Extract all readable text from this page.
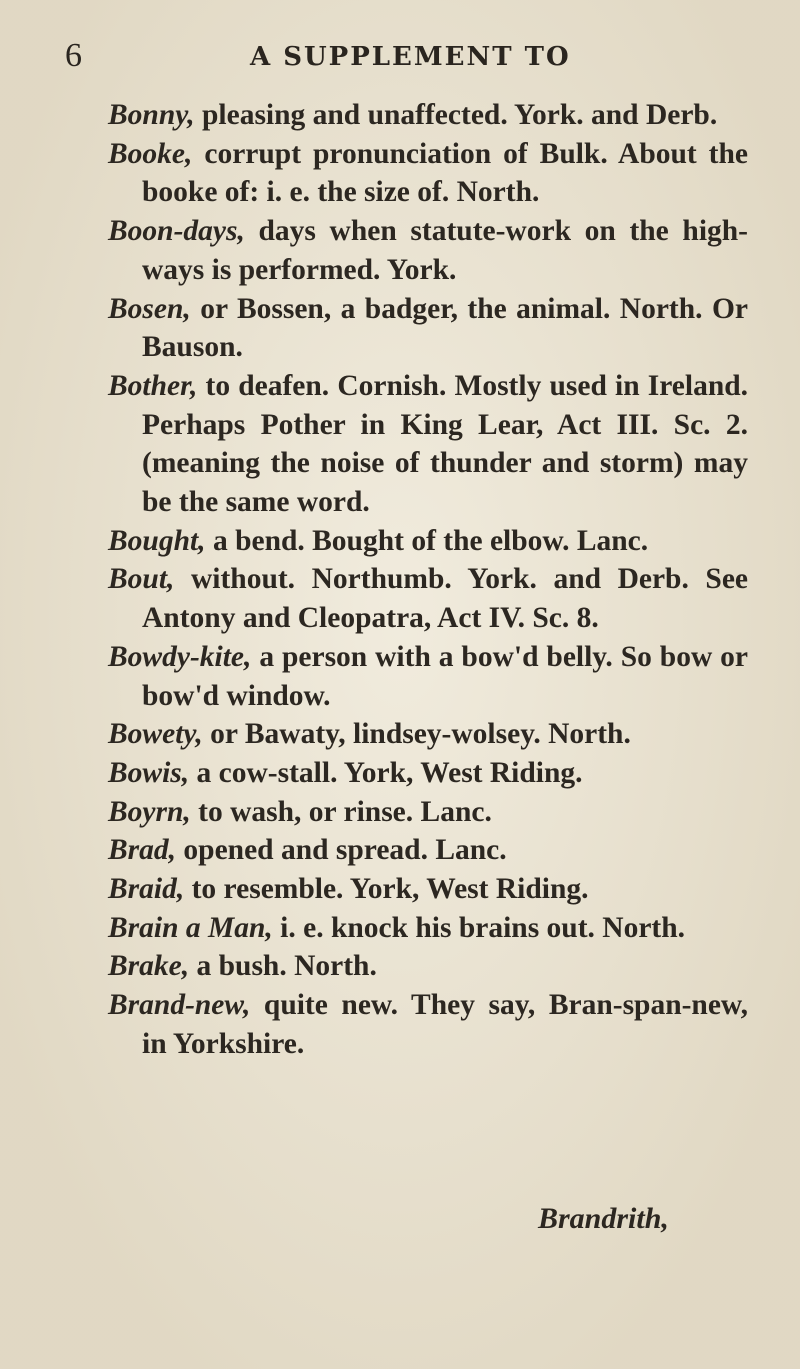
6	A SUPPLEMENT TO
Bonny, pleasing and unaffected. York. and Derb.
Booke, corrupt pronunciation of Bulk. About the booke of: i. e. the size of. North.
Boon-days, days when statute-work on the high-ways is performed. York.
Bosen, or Bossen, a badger, the animal. North. Or Bauson.
Bother, to deafen. Cornish. Mostly used in Ireland. Perhaps Pother in King Lear, Act III. Sc. 2. (meaning the noise of thunder and storm) may be the same word.
Bought, a bend. Bought of the elbow. Lanc.
Bout, without. Northumb. York. and Derb. See Antony and Cleopatra, Act IV. Sc. 8.
Bowdy-kite, a person with a bow'd belly. So bow or bow'd window.
Bowety, or Bawaty, lindsey-wolsey. North.
Bowis, a cow-stall. York, West Riding.
Boyrn, to wash, or rinse. Lanc.
Brad, opened and spread. Lanc.
Braid, to resemble. York, West Riding.
Brain a Man, i. e. knock his brains out. North.
Brake, a bush. North.
Brand-new, quite new. They say, Bran-span-new, in Yorkshire.
Brandrith,
